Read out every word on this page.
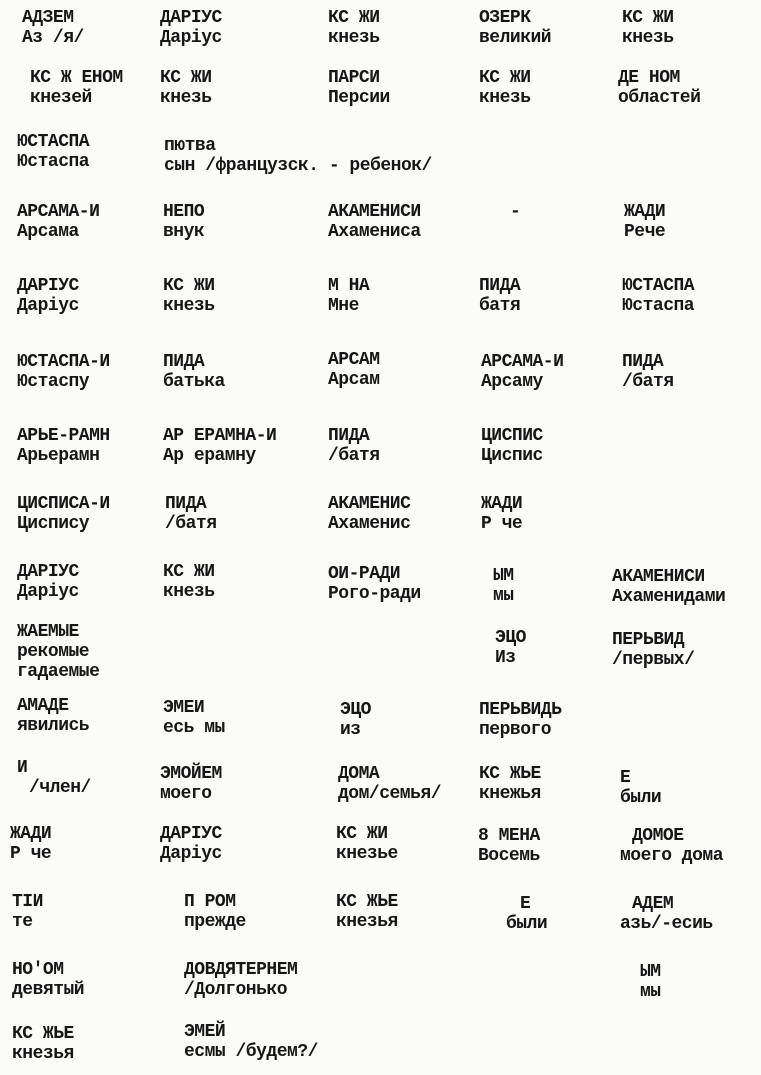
АДЗЕМ
Аз /я/
ДАРIУС
Дарiус
КС ЖИ
кнезь
ОЗЕРК
великий
КС ЖИ
кнезь
КС Ж ЕНОМ
кнезей
КС ЖИ
кнезь
ПАРСИ
Персии
КС ЖИ
кнезь
ДЕ НОМ
областей
ЮСТАСПА
Юстаспа
пютва
сын /французск. - ребенок/
АРСАМА-И
Арсама
НЕПО
внук
АКАМЕНИСИ
Ахамениса
-	ЖАДИ
Рече
ДАРIУС
Дарiус
КС ЖИ
кнезь
М НА
Мне
ПИДА
батя
ЮСТАСПА
Юстаспа
ЮСТАСПА-И
Юстаспу
ПИДА
батька
АРСАМ
Арсам
АРСАМА-И
Арсаму
ПИДА
/батя
АРЬЕ-РАМН
Арьерамн
АР ЕРАМНА-И
Ар ерамну
ПИДА
/батя
ЦИСПИС
Циспис
ЦИСПИСА-И
Циспису
ПИДА
/батя
АКАМЕНИС
Ахаменис
ЖАДИ
Р че
ДАРIУС
Дарiус
КС ЖИ
кнезь
ОИ-РАДИ
Рого-ради
ЫМ
мы
АКАМЕНИСИ
Ахаменидами
ЖАЕМЫЕ
рекомые
гадаемые
ЭЦО
Из
ПЕРЬВИД
/первых/
АМАДЕ
явились
ЭМЕИ
есь мы
ЭЦО
из
ПЕРЬВИДЬ
первого
И
/член/
ЭМОЙЕМ
моего
ДОМА
дом/семья/
КС ЖЬЕ
кнежья
Е
были
ЖАДИ
Р че
ДАРIУС
Дарiус
КС ЖИ
кнезье
8 МЕНА
Восемь
ДОМОЕ
моего дома
TIИ
те
П РОМ
прежде
КС ЖЬЕ
кнезья
Е
были
АДЕМ
азь/-есиь
НО'ОМ
девятый
ДОВДЯТЕРНЕМ
/Долгонько
ЫМ
мы
КС ЖЬЕ
кнезья
ЭМЕЙ
есмы /будем?/
